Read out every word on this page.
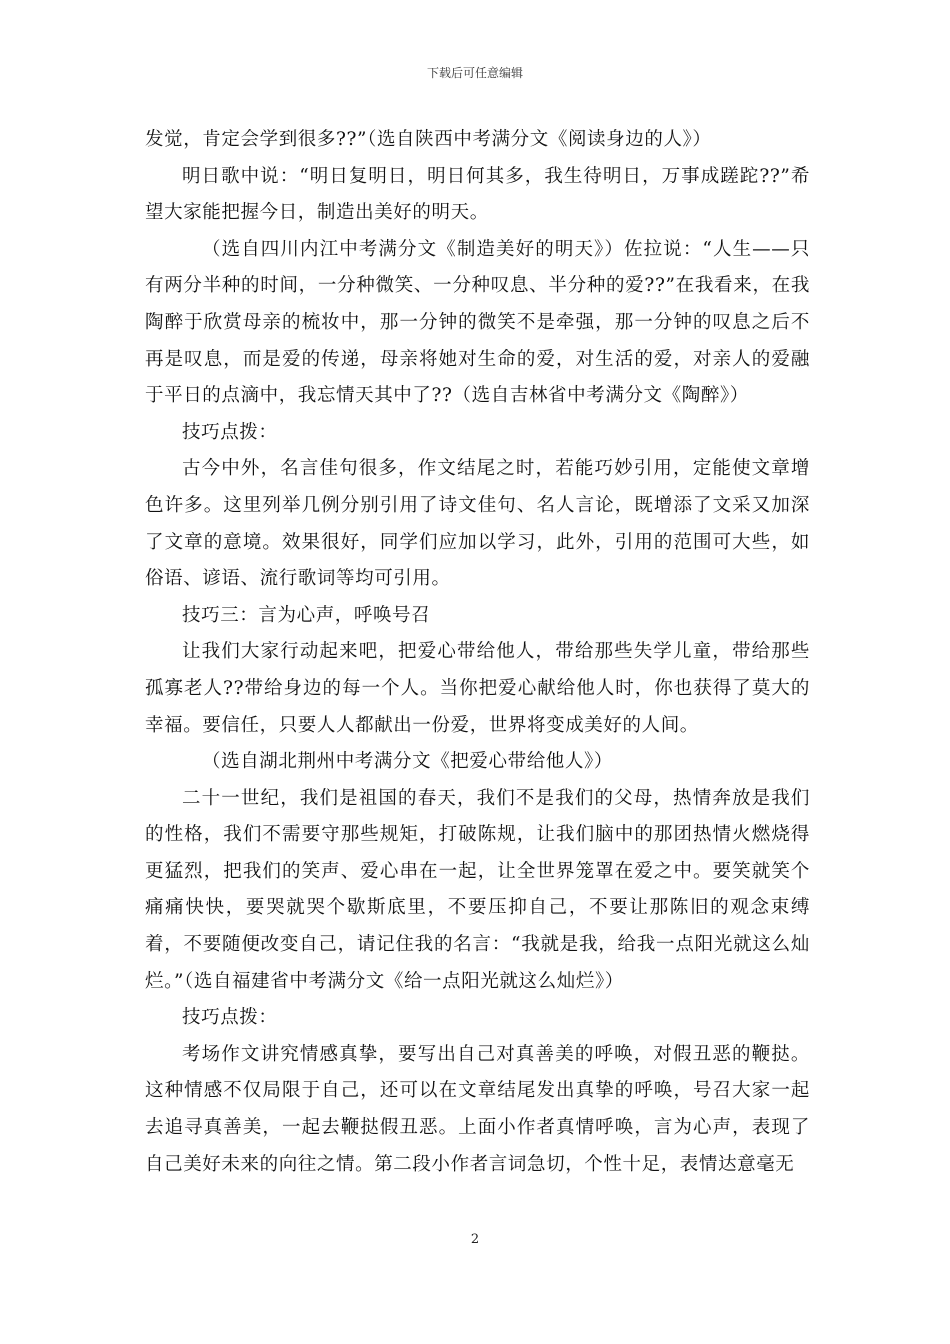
下载后可任意编辑

发觉，肯定会学到很多??”（选自陕西中考满分文《阅读身边的人》）

明日歌中说：“明日复明日，明日何其多，我生待明日，万事成蹉跎??”希望大家能把握今日，制造出美好的明天。

（选自四川内江中考满分文《制造美好的明天》）佐拉说：“人生——只有两分半种的时间，一分种微笑、一分种叹息、半分种的爱??”在我看来，在我陶醉于欣赏母亲的梳妆中，那一分钟的微笑不是牵强，那一分钟的叹息之后不再是叹息，而是爱的传递，母亲将她对生命的爱，对生活的爱，对亲人的爱融于平日的点滴中，我忘情天其中了??（选自吉林省中考满分文《陶醉》）

技巧点拨：

古今中外，名言佳句很多，作文结尾之时，若能巧妙引用，定能使文章增色许多。这里列举几例分别引用了诗文佳句、名人言论，既增添了文采又加深了文章的意境。效果很好，同学们应加以学习，此外，引用的范围可大些，如俗语、谚语、流行歌词等均可引用。

技巧三：言为心声，呼唤号召

让我们大家行动起来吧，把爱心带给他人，带给那些失学儿童，带给那些孤寡老人??带给身边的每一个人。当你把爱心献给他人时，你也获得了莫大的幸福。要信任，只要人人都献出一份爱，世界将变成美好的人间。

（选自湖北荆州中考满分文《把爱心带给他人》）

二十一世纪，我们是祖国的春天，我们不是我们的父母，热情奔放是我们的性格，我们不需要守那些规矩，打破陈规，让我们脑中的那团热情火燃烧得更猛烈，把我们的笑声、爱心串在一起，让全世界笼罩在爱之中。要笑就笑个痛痛快快，要哭就哭个歇斯底里，不要压抑自己，不要让那陈旧的观念束缚着，不要随便改变自己，请记住我的名言：“我就是我，给我一点阳光就这么灿烂。”（选自福建省中考满分文《给一点阳光就这么灿烂》）

技巧点拨：

考场作文讲究情感真挚，要写出自己对真善美的呼唤，对假丑恶的鞭挞。这种情感不仅局限于自己，还可以在文章结尾发出真挚的呼唤，号召大家一起去追寻真善美，一起去鞭挞假丑恶。上面小作者真情呼唤，言为心声，表现了自己美好未来的向往之情。第二段小作者言词急切，个性十足，表情达意毫无

2
